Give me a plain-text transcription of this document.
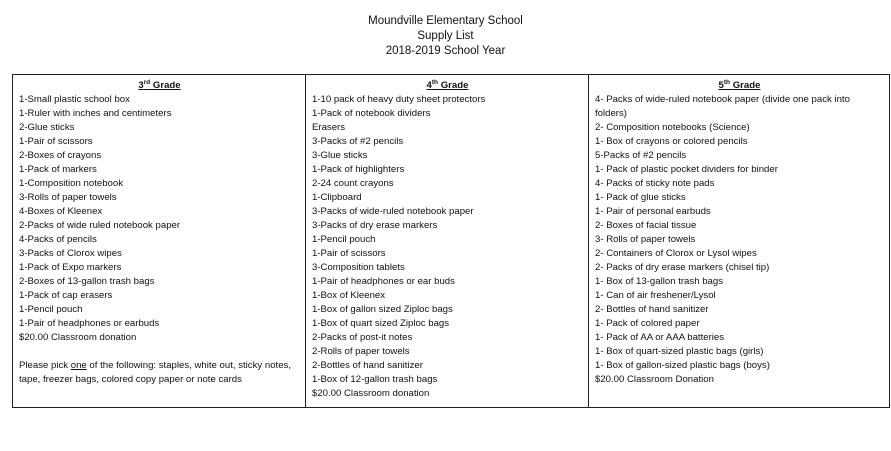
Moundville Elementary School
Supply List
2018-2019 School Year
3rd Grade
1-Small plastic school box
1-Ruler with inches and centimeters
2-Glue sticks
1-Pair of scissors
2-Boxes of crayons
1-Pack of markers
1-Composition notebook
3-Rolls of paper towels
4-Boxes of Kleenex
2-Packs of wide ruled notebook paper
4-Packs of pencils
3-Packs of Clorox wipes
1-Pack of Expo markers
2-Boxes of 13-gallon trash bags
1-Pack of cap erasers
1-Pencil pouch
1-Pair of headphones or earbuds
$20.00 Classroom donation
Please pick one of the following: staples, white out, sticky notes, tape, freezer bags, colored copy paper or note cards

4th Grade
1-10 pack of heavy duty sheet protectors
1-Pack of notebook dividers
Erasers
3-Packs of #2 pencils
3-Glue sticks
1-Pack of highlighters
2-24 count crayons
1-Clipboard
3-Packs of wide-ruled notebook paper
3-Packs of dry erase markers
1-Pencil pouch
1-Pair of scissors
3-Composition tablets
1-Pair of headphones or ear buds
1-Box of Kleenex
1-Box of gallon sized Ziploc bags
1-Box of quart sized Ziploc bags
2-Packs of post-it notes
2-Rolls of paper towels
2-Bottles of hand sanitizer
1-Box of 12-gallon trash bags
$20.00 Classroom donation

5th Grade
4- Packs of wide-ruled notebook paper (divide one pack into folders)
2- Composition notebooks (Science)
1- Box of crayons or colored pencils
5-Packs of #2 pencils
1- Pack of plastic pocket dividers for binder
4- Packs of sticky note pads
1- Pack of glue sticks
1- Pair of personal earbuds
2- Boxes of facial tissue
3- Rolls of paper towels
2- Containers of Clorox or Lysol wipes
2- Packs of dry erase markers (chisel tip)
1- Box of 13-gallon trash bags
1- Can of air freshener/Lysol
2- Bottles of hand sanitizer
1- Pack of colored paper
1- Pack of AA or AAA batteries
1- Box of quart-sized plastic bags (girls)
1- Box of gallon-sized plastic bags (boys)
$20.00 Classroom Donation
